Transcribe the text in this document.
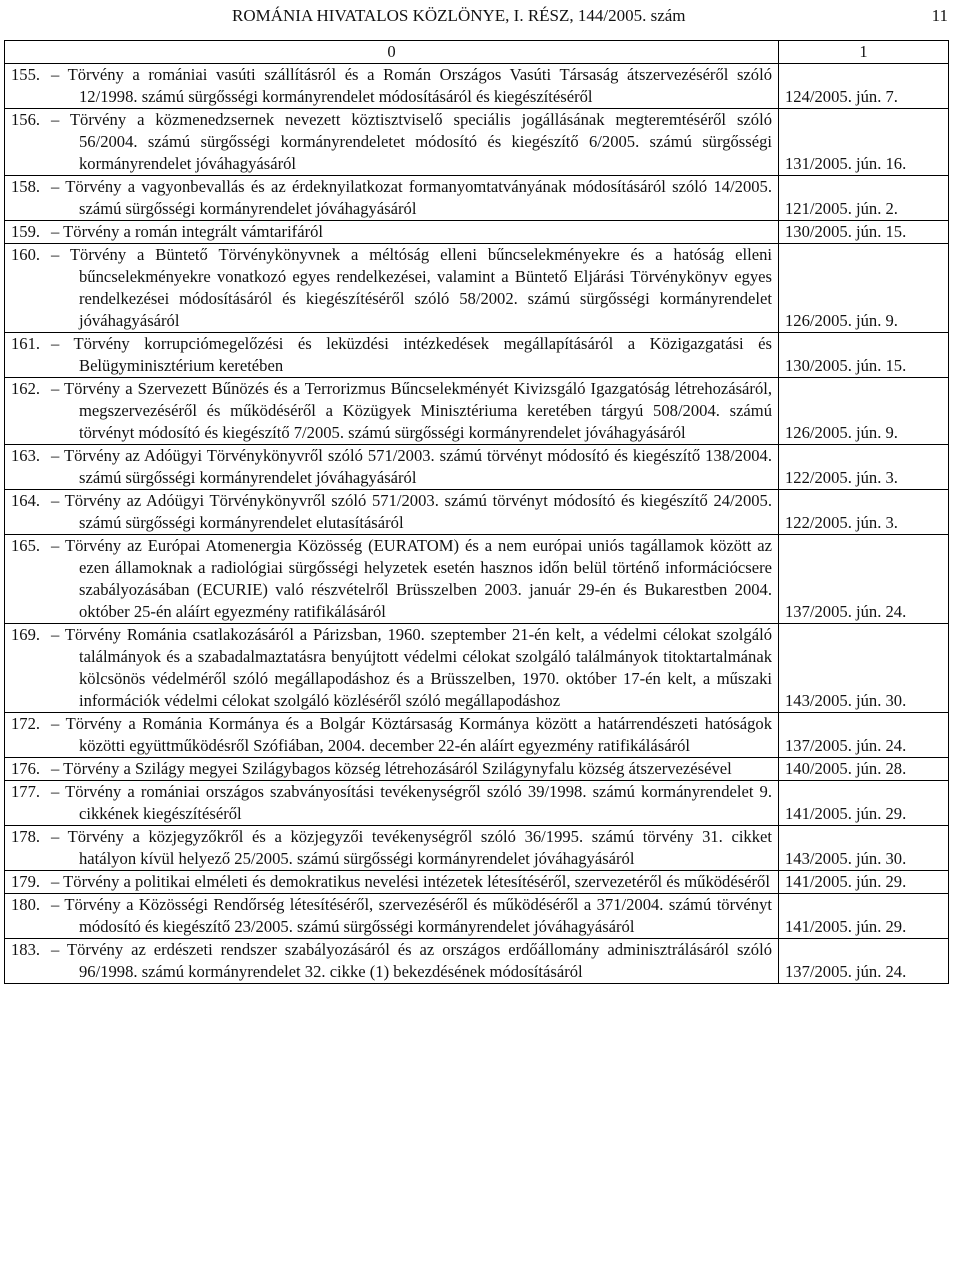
ROMÁNIA HIVATALOS KÖZLÖNYE, I. RÉSZ, 144/2005. szám	11
0	1

155. – Törvény a romániai vasúti szállításról és a Román Országos Vasúti Társaság átszervezéséről szóló 12/1998. számú sürgősségi kormányrendelet módosításáról és kiegészítéséről	124/2005. jún. 7.

156. – Törvény a közmenedzsernek nevezett köztisztviselő speciális jogállásának megteremtéséről szóló 56/2004. számú sürgősségi kormányrendeletet módosító és kiegészítő 6/2005. számú sürgősségi kormányrendelet jóváhagyásáról	131/2005. jún. 16.

158. – Törvény a vagyonbevallás és az érdeknyilatkozat formanyomtatványának módosításáról szóló 14/2005. számú sürgősségi kormányrendelet jóváhagyásáról	121/2005. jún. 2.

159. – Törvény a román integrált vámtarifáról	130/2005. jún. 15.

160. – Törvény a Büntető Törvénykönyvnek a méltóság elleni bűncselekményekre és a hatóság elleni bűncselekményekre vonatkozó egyes rendelkezései, valamint a Büntető Eljárási Törvénykönyv egyes rendelkezései módosításáról és kiegészítéséről szóló 58/2002. számú sürgősségi kormányrendelet jóváhagyásáról	126/2005. jún. 9.

161. – Törvény korrupciómegelőzési és leküzdési intézkedések megállapításáról a Közigazgatási és Belügyminisztérium keretében	130/2005. jún. 15.

162. – Törvény a Szervezett Bűnözés és a Terrorizmus Bűncselekményét Kivizsgáló Igazgatóság létrehozásáról, megszervezéséről és működéséről a Közügyek Minisztériuma keretében tárgyú 508/2004. számú törvényt módosító és kiegészítő 7/2005. számú sürgősségi kormányrendelet jóváhagyásáról	126/2005. jún. 9.

163. – Törvény az Adóügyi Törvénykönyvről szóló 571/2003. számú törvényt módosító és kiegészítő 138/2004. számú sürgősségi kormányrendelet jóváhagyásáról	122/2005. jún. 3.

164. – Törvény az Adóügyi Törvénykönyvről szóló 571/2003. számú törvényt módosító és kiegészítő 24/2005. számú sürgősségi kormányrendelet elutasításáról	122/2005. jún. 3.

165. – Törvény az Európai Atomenergia Közösség (EURATOM) és a nem európai uniós tagállamok között az ezen államoknak a radiológiai sürgősségi helyzetek esetén hasznos időn belül történő információcsere szabályozásában (ECURIE) való részvételről Brüsszelben 2003. január 29-én és Bukarestben 2004. október 25-én aláírt egyezmény ratifikálásáról	137/2005. jún. 24.

169. – Törvény Románia csatlakozásáról a Párizsban, 1960. szeptember 21-én kelt, a védelmi célokat szolgáló találmányok és a szabadalmaztatásra benyújtott védelmi célokat szolgáló találmányok titoktartalmának kölcsönös védelméről szóló megállapodáshoz és a Brüsszelben, 1970. október 17-én kelt, a műszaki információk védelmi célokat szolgáló közléséről szóló megállapodáshoz	143/2005. jún. 30.

172. – Törvény a Románia Kormánya és a Bolgár Köztársaság Kormánya között a határrendészeti hatóságok közötti együttműködésről Szófiában, 2004. december 22-én aláírt egyezmény ratifikálásáról	137/2005. jún. 24.

176. – Törvény a Szilágy megyei Szilágybagos község létrehozásáról Szilágynyfalu község átszervezésével	140/2005. jún. 28.

177. – Törvény a romániai országos szabványosítási tevékenységről szóló 39/1998. számú kormányrendelet 9. cikkének kiegészítéséről	141/2005. jún. 29.

178. – Törvény a közjegyzőkről és a közjegyzői tevékenységről szóló 36/1995. számú törvény 31. cikket hatályon kívül helyező 25/2005. számú sürgősségi kormányrendelet jóváhagyásáról	143/2005. jún. 30.

179. – Törvény a politikai elméleti és demokratikus nevelési intézetek létesítéséről, szervezetéről és működéséről	141/2005. jún. 29.

180. – Törvény a Közösségi Rendőrség létesítéséről, szervezéséről és működéséről a 371/2004. számú törvényt módosító és kiegészítő 23/2005. számú sürgősségi kormányrendelet jóváhagyásáról	141/2005. jún. 29.

183. – Törvény az erdészeti rendszer szabályozásáról és az országos erdőállomány adminisztrálásáról szóló 96/1998. számú kormányrendelet 32. cikke (1) bekezdésének módosításáról	137/2005. jún. 24.
